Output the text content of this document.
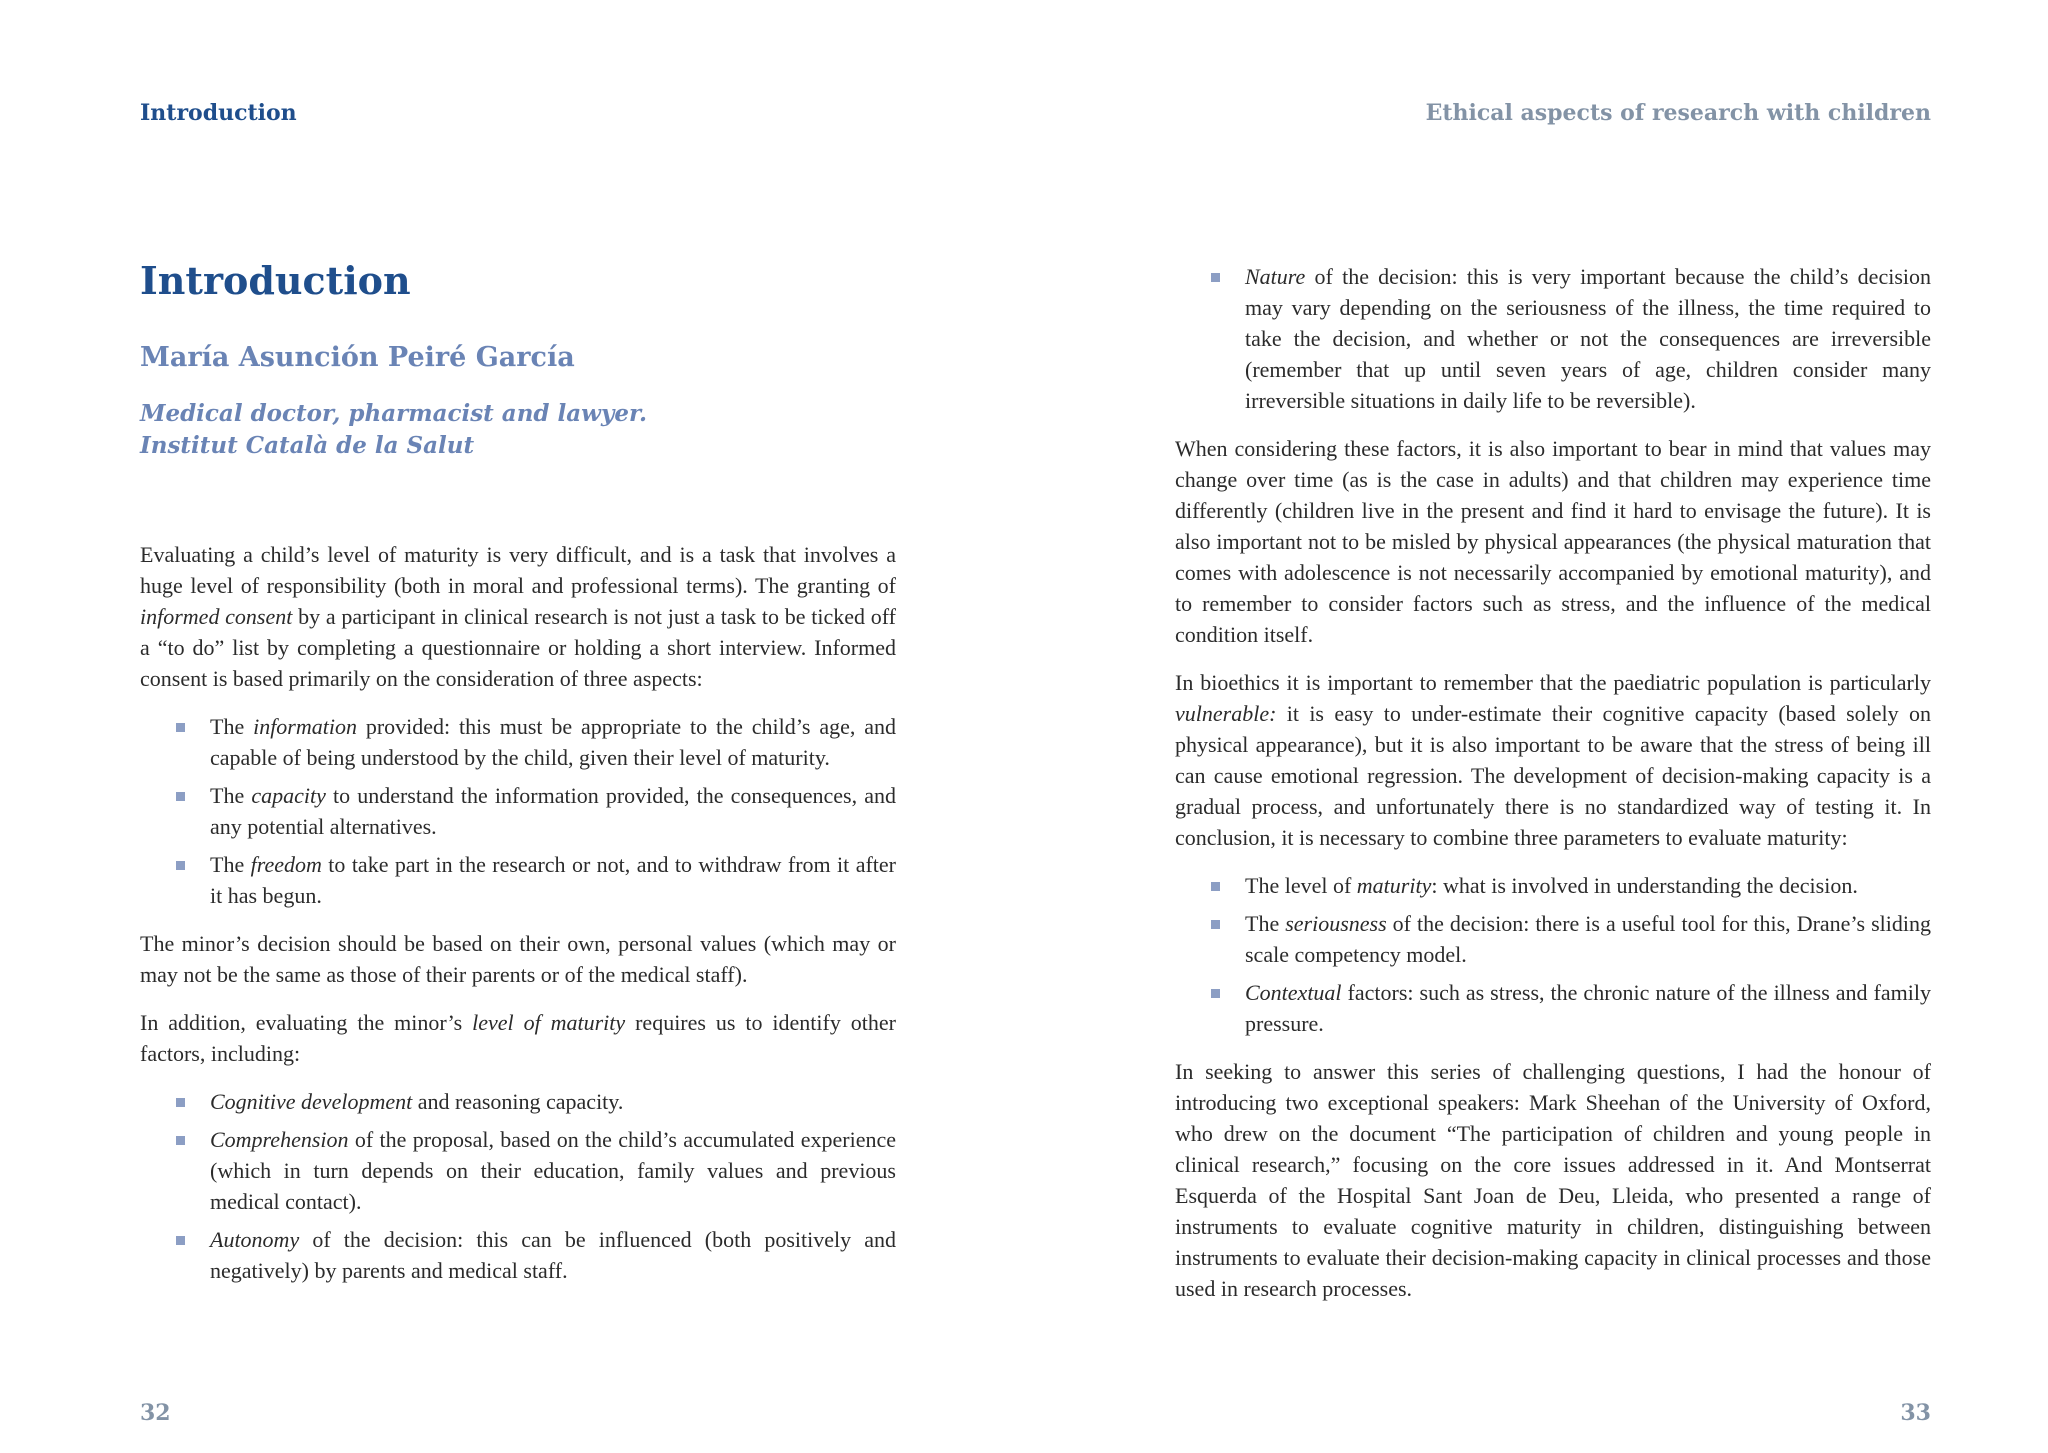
Introduction
Introduction
María Asunción Peiré García
Medical doctor, pharmacist and lawyer.
Institut Català de la Salut

Evaluating a child’s level of maturity is very difficult, and is a task that involves a huge level of responsibility (both in moral and professional terms). The granting of informed consent by a participant in clinical research is not just a task to be ticked off a “to do” list by completing a questionnaire or holding a short interview. Informed consent is based primarily on the consideration of three aspects:

The information provided: this must be appropriate to the child’s age, and capable of being understood by the child, given their level of maturity.
The capacity to understand the information provided, the consequences, and any potential alternatives.
The freedom to take part in the research or not, and to withdraw from it after it has begun.

The minor’s decision should be based on their own, personal values (which may or may not be the same as those of their parents or of the medical staff).

In addition, evaluating the minor’s level of maturity requires us to identify other factors, including:

Cognitive development and reasoning capacity.
Comprehension of the proposal, based on the child’s accumulated experience (which in turn depends on their education, family values and previous medical contact).
Autonomy of the decision: this can be influenced (both positively and negatively) by parents and medical staff.
32
Ethical aspects of research with children
Nature of the decision: this is very important because the child’s decision may vary depending on the seriousness of the illness, the time required to take the decision, and whether or not the consequences are irreversible (remember that up until seven years of age, children consider many irreversible situations in daily life to be reversible).

When considering these factors, it is also important to bear in mind that values may change over time (as is the case in adults) and that children may experience time differently (children live in the present and find it hard to envisage the future). It is also important not to be misled by physical appearances (the physical maturation that comes with adolescence is not necessarily accompanied by emotional maturity), and to remember to consider factors such as stress, and the influence of the medical condition itself.

In bioethics it is important to remember that the paediatric population is particularly vulnerable: it is easy to under-estimate their cognitive capacity (based solely on physical appearance), but it is also important to be aware that the stress of being ill can cause emotional regression. The development of decision-making capacity is a gradual process, and unfortunately there is no standardized way of testing it. In conclusion, it is necessary to combine three parameters to evaluate maturity:

The level of maturity: what is involved in understanding the decision.
The seriousness of the decision: there is a useful tool for this, Drane’s sliding scale competency model.
Contextual factors: such as stress, the chronic nature of the illness and family pressure.

In seeking to answer this series of challenging questions, I had the honour of introducing two exceptional speakers: Mark Sheehan of the University of Oxford, who drew on the document “The participation of children and young people in clinical research,” focusing on the core issues addressed in it. And Montserrat Esquerda of the Hospital Sant Joan de Deu, Lleida, who presented a range of instruments to evaluate cognitive maturity in children, distinguishing between instruments to evaluate their decision-making capacity in clinical processes and those used in research processes.

33
